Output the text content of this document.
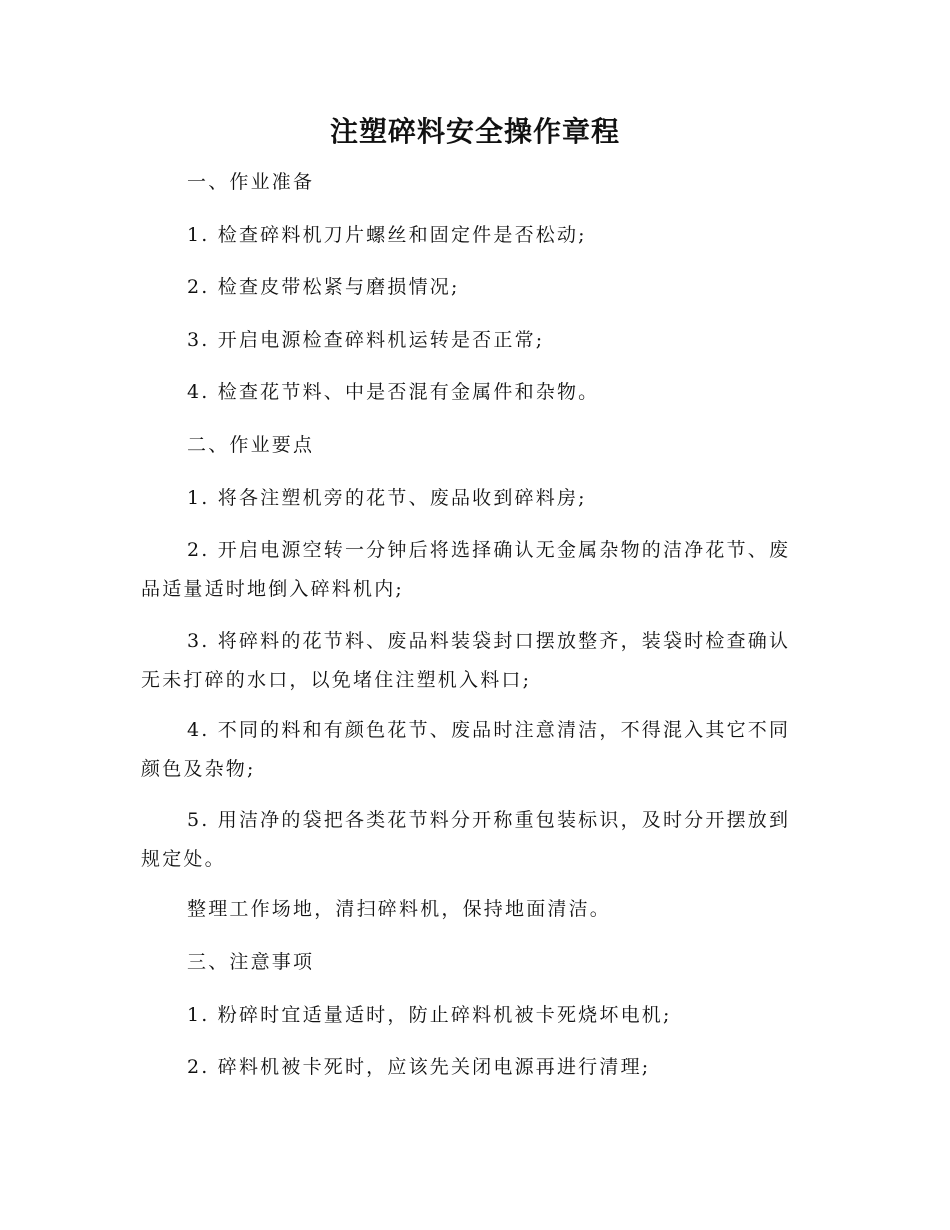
注塑碎料安全操作章程
一、作业准备
1. 检查碎料机刀片螺丝和固定件是否松动;
2. 检查皮带松紧与磨损情况;
3. 开启电源检查碎料机运转是否正常;
4. 检查花节料、中是否混有金属件和杂物。
二、作业要点
1. 将各注塑机旁的花节、废品收到碎料房;
2. 开启电源空转一分钟后将选择确认无金属杂物的洁净花节、废品适量适时地倒入碎料机内;
3. 将碎料的花节料、废品料装袋封口摆放整齐，装袋时检查确认无未打碎的水口，以免堵住注塑机入料口;
4. 不同的料和有颜色花节、废品时注意清洁，不得混入其它不同颜色及杂物;
5. 用洁净的袋把各类花节料分开称重包装标识，及时分开摆放到规定处。
整理工作场地，清扫碎料机，保持地面清洁。
三、注意事项
1. 粉碎时宜适量适时，防止碎料机被卡死烧坏电机;
2. 碎料机被卡死时，应该先关闭电源再进行清理;
